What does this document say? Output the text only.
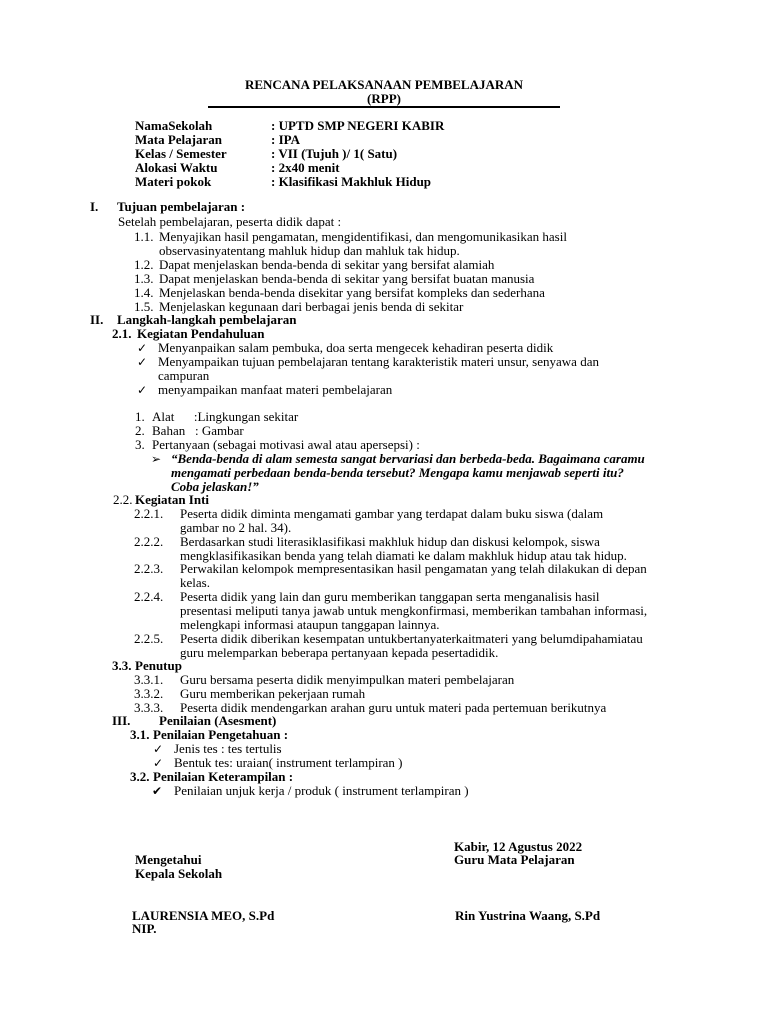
RENCANA PELAKSANAAN PEMBELAJARAN
(RPP)
NamaSekolah	: UPTD SMP NEGERI KABIR
Mata Pelajaran	: IPA
Kelas / Semester	: VII (Tujuh )/ 1( Satu)
Alokasi Waktu	: 2x40 menit
Materi pokok	: Klasifikasi Makhluk Hidup
I. Tujuan pembelajaran :
Setelah pembelajaran, peserta didik dapat :
1.1. Menyajikan hasil pengamatan, mengidentifikasi, dan mengomunikasikan hasil
observasinyatentang mahluk hidup dan mahluk tak hidup.
1.2. Dapat menjelaskan benda-benda di sekitar yang bersifat alamiah
1.3. Dapat menjelaskan benda-benda di sekitar yang bersifat buatan manusia
1.4. Menjelaskan benda-benda disekitar yang bersifat kompleks dan sederhana
1.5. Menjelaskan kegunaan dari berbagai jenis benda di sekitar
II. Langkah-langkah pembelajaran
2.1. Kegiatan Pendahuluan
✓ Menyanpaikan salam pembuka, doa serta mengecek kehadiran peserta didik
✓ Menyampaikan tujuan pembelajaran tentang karakteristik materi unsur, senyawa dan
campuran
✓ menyampaikan manfaat materi pembelajaran
1. Alat      :Lingkungan sekitar
2. Bahan   : Gambar
3. Pertanyaan (sebagai motivasi awal atau apersepsi) :
➢ “Benda-benda di alam semesta sangat bervariasi dan berbeda-beda. Bagaimana caramu
mengamati perbedaan benda-benda tersebut? Mengapa kamu menjawab seperti itu?
Coba jelaskan!”
2.2. Kegiatan Inti
2.2.1. Peserta didik diminta mengamati gambar yang terdapat dalam buku siswa (dalam
gambar no 2 hal. 34).
2.2.2. Berdasarkan studi literasiklasifikasi makhluk hidup dan diskusi kelompok, siswa
mengklasifikasikan benda yang telah diamati ke dalam makhluk hidup atau tak hidup.
2.2.3. Perwakilan kelompok mempresentasikan hasil pengamatan yang telah dilakukan di depan
kelas.
2.2.4. Peserta didik yang lain dan guru memberikan tanggapan serta menganalisis hasil
presentasi meliputi tanya jawab untuk mengkonfirmasi, memberikan tambahan informasi,
melengkapi informasi ataupun tanggapan lainnya.
2.2.5. Peserta didik diberikan kesempatan untukbertanyaterkaitmateri yang belumdipahamiatau
guru melemparkan beberapa pertanyaan kepada pesertadidik.
3.3. Penutup
3.3.1. Guru bersama peserta didik menyimpulkan materi pembelajaran
3.3.2. Guru memberikan pekerjaan rumah
3.3.3. Peserta didik mendengarkan arahan guru untuk materi pada pertemuan berikutnya
III. Penilaian (Asesment)
3.1. Penilaian Pengetahuan :
✓ Jenis tes : tes tertulis
✓ Bentuk tes: uraian( instrument terlampiran )
3.2. Penilaian Keterampilan :
✔ Penilaian unjuk kerja / produk ( instrument terlampiran )
Kabir, 12 Agustus 2022
Guru Mata Pelajaran
Mengetahui
Kepala Sekolah
LAURENSIA MEO, S.Pd	Rin Yustrina Waang, S.Pd
NIP.
